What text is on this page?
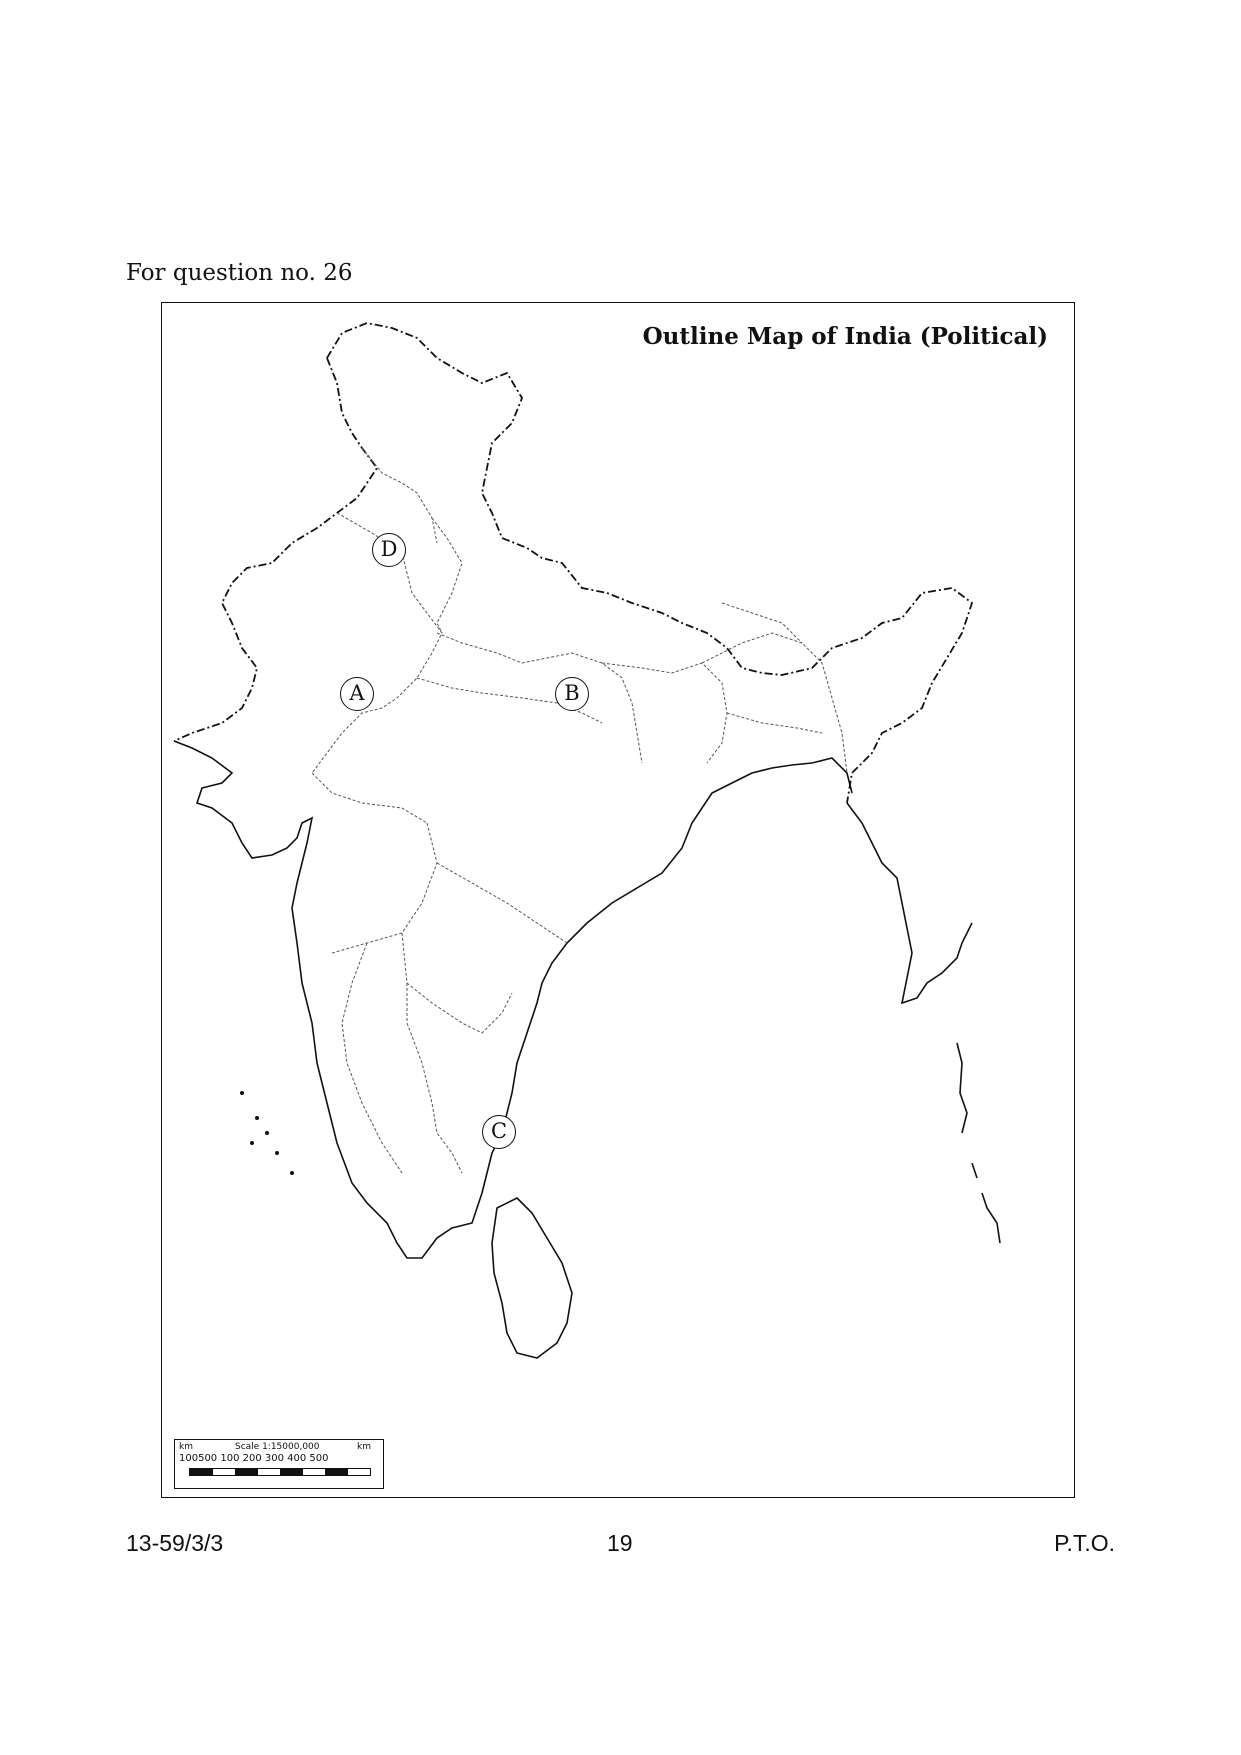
For question no. 26
Outline Map of India (Political)
D
A	B
C
km	Scale 1:15000,000	km
100500 100 200 300 400 500
13-59/3/3	19	P.T.O.
